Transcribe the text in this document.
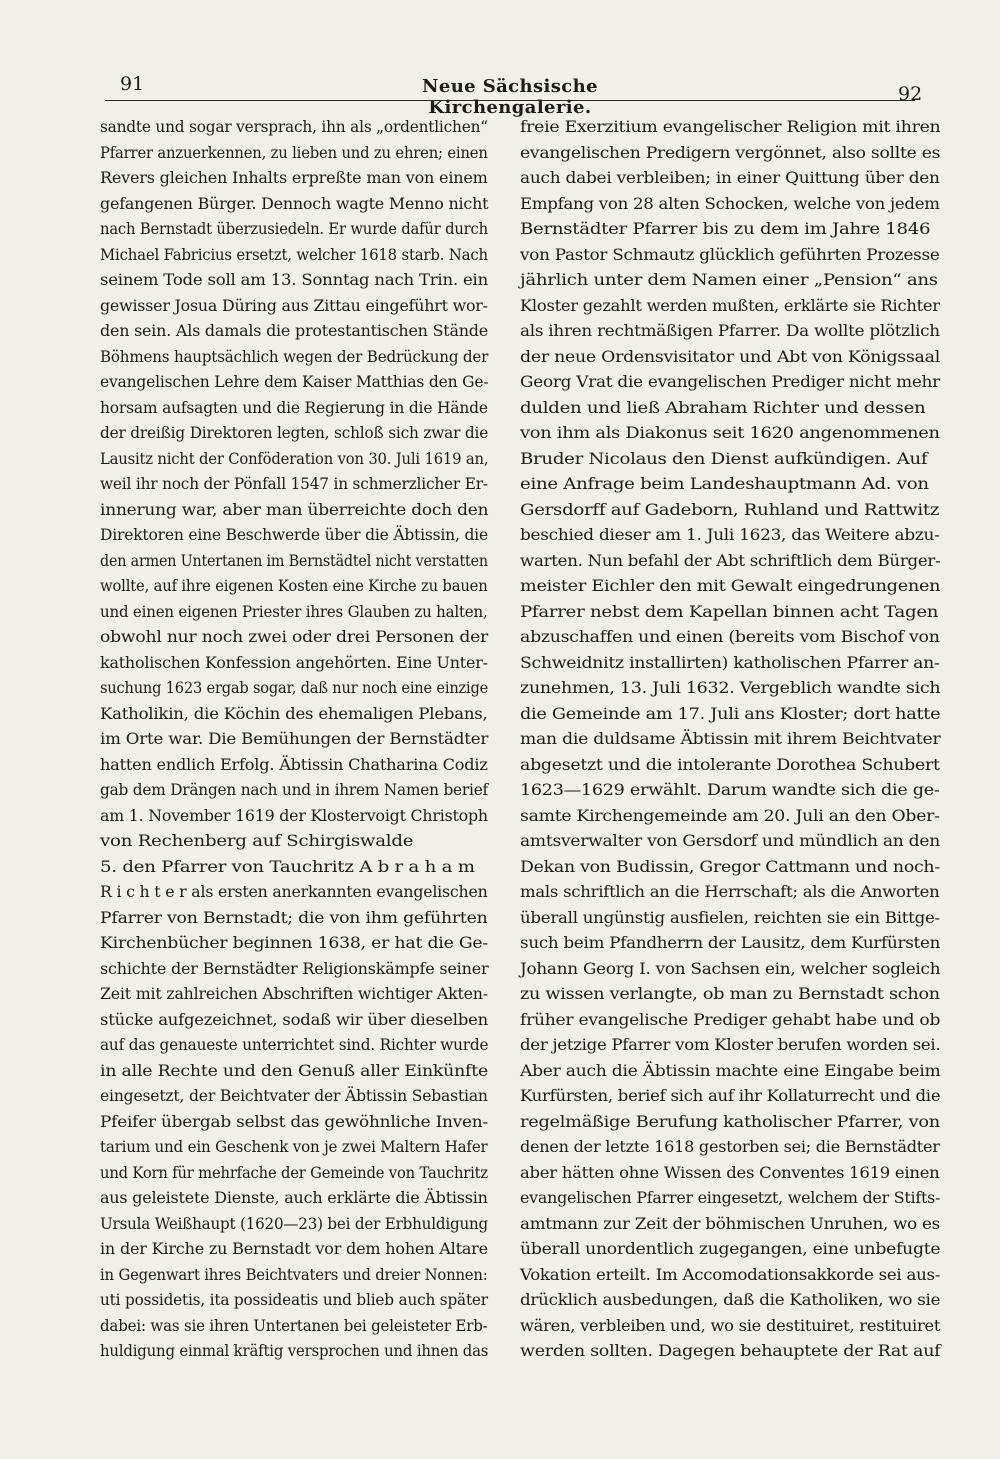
91	Neue Sächsische Kirchengalerie.
92
sandte und sogar versprach, ihn als „ordentlichen“
Pfarrer anzuerkennen, zu lieben und zu ehren; einen
Revers gleichen Inhalts erpreßte man von einem
gefangenen Bürger. Dennoch wagte Menno nicht
nach Bernstadt überzusiedeln. Er wurde dafür durch
Michael Fabricius ersetzt, welcher 1618 starb. Nach
seinem Tode soll am 13. Sonntag nach Trin. ein
gewisser Josua Düring aus Zittau eingeführt wor-
den sein. Als damals die protestantischen Stände
Böhmens hauptsächlich wegen der Bedrückung der
evangelischen Lehre dem Kaiser Matthias den Ge-
horsam aufsagten und die Regierung in die Hände
der dreißig Direktoren legten, schloß sich zwar die
Lausitz nicht der Conföderation von 30. Juli 1619 an,
weil ihr noch der Pönfall 1547 in schmerzlicher Er-
innerung war, aber man überreichte doch den
Direktoren eine Beschwerde über die Äbtissin, die
den armen Untertanen im Bernstädtel nicht verstatten
wollte, auf ihre eigenen Kosten eine Kirche zu bauen
und einen eigenen Priester ihres Glauben zu halten,
obwohl nur noch zwei oder drei Personen der
katholischen Konfession angehörten. Eine Unter-
suchung 1623 ergab sogar, daß nur noch eine einzige
Katholikin, die Köchin des ehemaligen Plebans,
im Orte war. Die Bemühungen der Bernstädter
hatten endlich Erfolg. Äbtissin Chatharina Codiz
gab dem Drängen nach und in ihrem Namen berief
am 1. November 1619 der Klostervoigt Christoph
von Rechenberg auf Schirgiswalde
5. den Pfarrer von Tauchritz A b r a h a m
R i c h t e r als ersten anerkannten evangelischen
Pfarrer von Bernstadt; die von ihm geführten
Kirchenbücher beginnen 1638, er hat die Ge-
schichte der Bernstädter Religionskämpfe seiner
Zeit mit zahlreichen Abschriften wichtiger Akten-
stücke aufgezeichnet, sodaß wir über dieselben
auf das genaueste unterrichtet sind. Richter wurde
in alle Rechte und den Genuß aller Einkünfte
eingesetzt, der Beichtvater der Äbtissin Sebastian
Pfeifer übergab selbst das gewöhnliche Inven-
tarium und ein Geschenk von je zwei Maltern Hafer
und Korn für mehrfache der Gemeinde von Tauchritz
aus geleistete Dienste, auch erklärte die Äbtissin
Ursula Weißhaupt (1620—23) bei der Erbhuldigung
in der Kirche zu Bernstadt vor dem hohen Altare
in Gegenwart ihres Beichtvaters und dreier Nonnen:
uti possidetis, ita possideatis und blieb auch später
dabei: was sie ihren Untertanen bei geleisteter Erb-
huldigung einmal kräftig versprochen und ihnen das
freie Exerzitium evangelischer Religion mit ihren
evangelischen Predigern vergönnet, also sollte es
auch dabei verbleiben; in einer Quittung über den
Empfang von 28 alten Schocken, welche von jedem
Bernstädter Pfarrer bis zu dem im Jahre 1846
von Pastor Schmautz glücklich geführten Prozesse
jährlich unter dem Namen einer „Pension“ ans
Kloster gezahlt werden mußten, erklärte sie Richter
als ihren rechtmäßigen Pfarrer. Da wollte plötzlich
der neue Ordensvisitator und Abt von Königssaal
Georg Vrat die evangelischen Prediger nicht mehr
dulden und ließ Abraham Richter und dessen
von ihm als Diakonus seit 1620 angenommenen
Bruder Nicolaus den Dienst aufkündigen. Auf
eine Anfrage beim Landeshauptmann Ad. von
Gersdorff auf Gadeborn, Ruhland und Rattwitz
beschied dieser am 1. Juli 1623, das Weitere abzu-
warten. Nun befahl der Abt schriftlich dem Bürger-
meister Eichler den mit Gewalt eingedrungenen
Pfarrer nebst dem Kapellan binnen acht Tagen
abzuschaffen und einen (bereits vom Bischof von
Schweidnitz installirten) katholischen Pfarrer an-
zunehmen, 13. Juli 1632. Vergeblich wandte sich
die Gemeinde am 17. Juli ans Kloster; dort hatte
man die duldsame Äbtissin mit ihrem Beichtvater
abgesetzt und die intolerante Dorothea Schubert
1623—1629 erwählt. Darum wandte sich die ge-
samte Kirchengemeinde am 20. Juli an den Ober-
amtsverwalter von Gersdorf und mündlich an den
Dekan von Budissin, Gregor Cattmann und noch-
mals schriftlich an die Herrschaft; als die Anworten
überall ungünstig ausfielen, reichten sie ein Bittge-
such beim Pfandherrn der Lausitz, dem Kurfürsten
Johann Georg I. von Sachsen ein, welcher sogleich
zu wissen verlangte, ob man zu Bernstadt schon
früher evangelische Prediger gehabt habe und ob
der jetzige Pfarrer vom Kloster berufen worden sei.
Aber auch die Äbtissin machte eine Eingabe beim
Kurfürsten, berief sich auf ihr Kollaturrecht und die
regelmäßige Berufung katholischer Pfarrer, von
denen der letzte 1618 gestorben sei; die Bernstädter
aber hätten ohne Wissen des Conventes 1619 einen
evangelischen Pfarrer eingesetzt, welchem der Stifts-
amtmann zur Zeit der böhmischen Unruhen, wo es
überall unordentlich zugegangen, eine unbefugte
Vokation erteilt. Im Accomodationsakkorde sei aus-
drücklich ausbedungen, daß die Katholiken, wo sie
wären, verbleiben und, wo sie destituiret, restituiret
werden sollten. Dagegen behauptete der Rat auf
